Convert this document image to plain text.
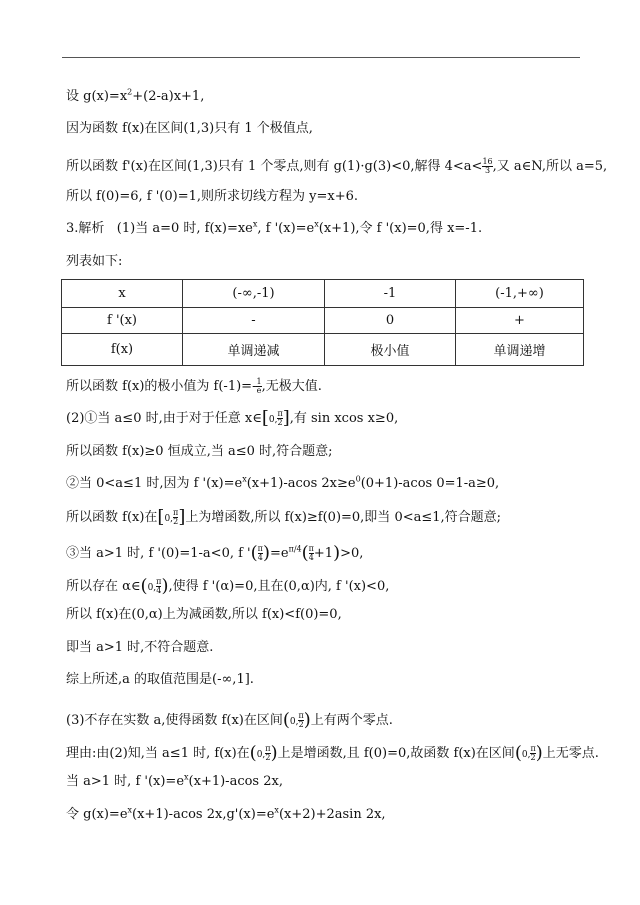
设 $g(x)=x^2+(2-a)x+1$,
因为函数 f(x)在区间(1,3)只有 1 个极值点,
所以函数 f'(x)在区间(1,3)只有 1 个零点,则有 g(1)·g(3)<0,解得 $4<a< \frac{16}{3}$ ,又 a∈N,所以 a=5,
所以 f(0)=6, f '(0)=1,则所求切线方程为 y=x+6.
3.解析   (1)当 a=0 时, $f(x)=xe^x$, f '$(x)=e^x(x+1)$,令 f '(x)=0,得 x=-1.
列表如下:
x	(-∞,-1)	-1	(-1,+∞)
f '(x)	-	0	+
f(x)	单调递减	极小值	单调递增
所以函数 f(x)的极小值为 $f(-1)=- \frac{1}{e}$ ,无极大值.
(2)①当 a≤0 时,由于对于任意 x∈[0, $\frac{\pi}{2}$ ],有 sin xcos x≥0,
所以函数 f(x)≥0 恒成立,当 a≤0 时,符合题意;
②当 0<a≤1 时,因为 f '$(x)=e^x(x+1)$-acos $2x\ge e^0(0+1)$-acos 0=1-a≥0,
所以函数 f(x)在[0, $\frac{\pi}{2}$ ]上为增函数,所以 f(x)≥f(0)=0,即当 0<a≤1,符合题意;
③当 a>1 时, f '(0)=1-a<0, f '( $\frac{\pi}{4} )=e^{\pi/4}( \frac{\pi}{4} +1)>0$,
所以存在 α∈(0, $\frac{\pi}{4}$ ),使得 f '(α)=0,且在(0,α)内, f '(x)<0,
所以 f(x)在(0,α)上为减函数,所以 f(x)<f(0)=0,
即当 a>1 时,不符合题意.
综上所述,a 的取值范围是(-∞,1].
(3)不存在实数 a,使得函数 f(x)在区间(0, $\frac{\pi}{2}$ )上有两个零点.
理由:由(2)知,当 a≤1 时, f(x)在(0, $\frac{\pi}{2}$ )上是增函数,且 f(0)=0,故函数 f(x)在区间(0, $\frac{\pi}{2}$ )上无零点.
当 a>1 时, f '$(x)=e^x(x+1)$-acos 2x,
令 $g(x)=e^x(x+1)$-acos $2x,g'(x)=e^x(x+2)+2asin$ 2x,
